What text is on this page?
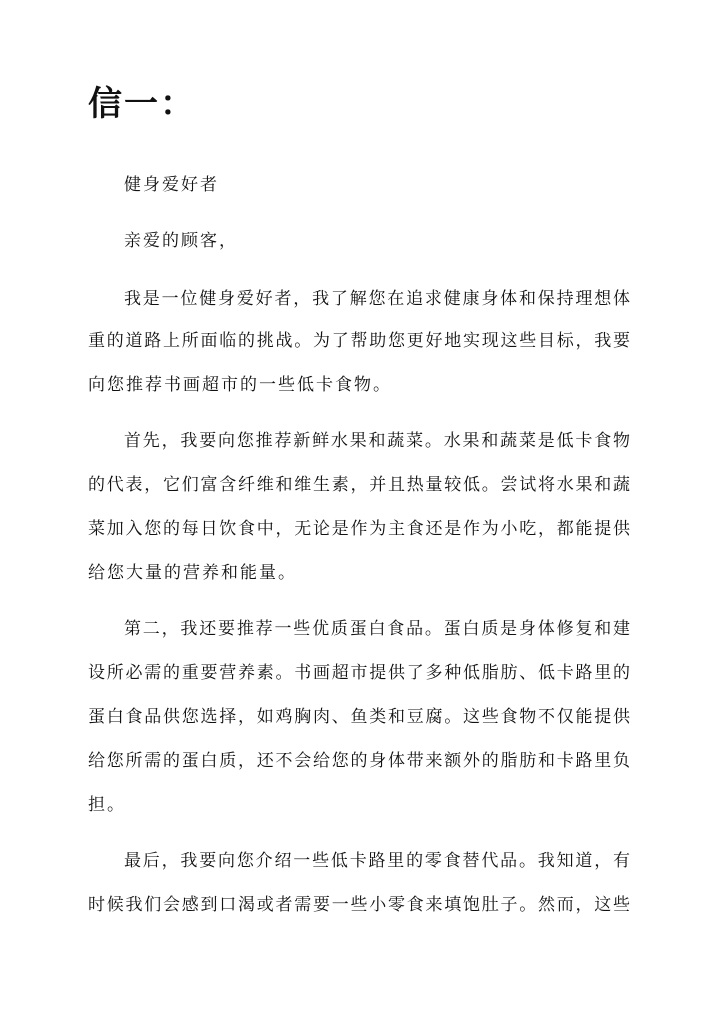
信一：

健身爱好者

亲爱的顾客，

我是一位健身爱好者，我了解您在追求健康身体和保持理想体

重的道路上所面临的挑战。为了帮助您更好地实现这些目标，我要

向您推荐书画超市的一些低卡食物。

首先，我要向您推荐新鲜水果和蔬菜。水果和蔬菜是低卡食物

的代表，它们富含纤维和维生素，并且热量较低。尝试将水果和蔬

菜加入您的每日饮食中，无论是作为主食还是作为小吃，都能提供

给您大量的营养和能量。

第二，我还要推荐一些优质蛋白食品。蛋白质是身体修复和建

设所必需的重要营养素。书画超市提供了多种低脂肪、低卡路里的

蛋白食品供您选择，如鸡胸肉、鱼类和豆腐。这些食物不仅能提供

给您所需的蛋白质，还不会给您的身体带来额外的脂肪和卡路里负

担。

最后，我要向您介绍一些低卡路里的零食替代品。我知道，有

时候我们会感到口渴或者需要一些小零食来填饱肚子。然而，这些
